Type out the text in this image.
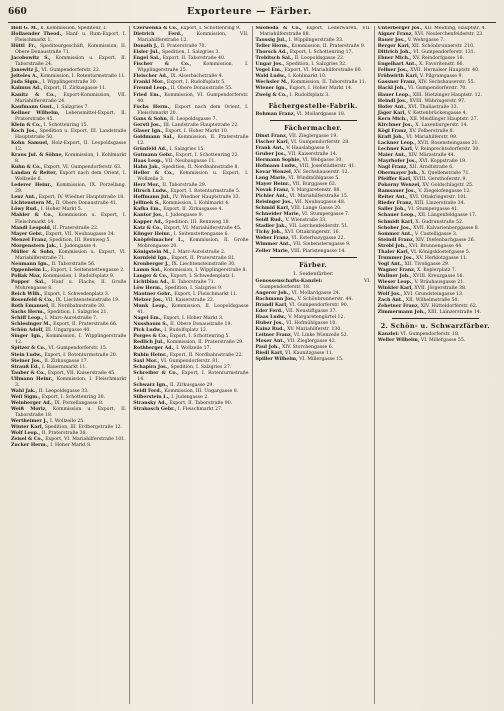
660	Exporteure — Färber.

Holl G. M., k. Kommission, Spediteur, I.

Hollaender Theod., Hanf- u. Rum-Export, I. Fleischmarkt 1.

Hüttl Fr., Spediteurgeschäft, Kommission, II. Obere Donaustraße 71.

Jacobowitz S., Kommission u. Export, II. Taborstraße 24.

Janowitz J., VI. Gumpendorferstr. 22.

Jeiteles A., Kommission, I. Rotenturmstraße 11.

Juda Sigm., I. Wipplingerstraße 30.

Kalmus Ad., Export, II. Zirkusgasse 11.

Kanitz & Co., Export-Kommission, VII. Mariahilferstraße 24.

Kaufmann Gust., I. Salzgries 7.

Kellner Wilhelm, Lebensmittel-Export, II. Praterstraße 45.

Klein & Co., I. Schottenring 15.

Koch Jos., Spedition u. Export, III. Landstraße Hauptstraße 50.

Kohn Samuel, Holz-Export, II. Leopoldsgasse 12.

Kraus Jul. & Söhne, Kommission, I. Kohlmarkt 8.

Kuhn & Co., Export, VI. Gumpendorferstr. 63.

Landau & Reiter, Export nach dem Orient, I. Wollzeile 6.

Lederer Heinr., Kommission, IX. Porzellang. 29.

Lenz Ant., Export, IV. Wiedner Hauptstraße 18.

Lichtenstern M., II. Obere Donaustraße 41.

Löwy Rud., I. Hoher Markt 5.

Mahler & Co., Kommission u. Export, I. Fleischmarkt 14.

Mandl Leopold, II. Praterstraße 22.

Mayer Gebr., Export, VII. Neubaugasse 34.

Menzel Franz, Spedition, III. Rennweg 5.

Morgenstern Jak., I. Judengasse 4.

Müller & Sohn, Kommission u. Export, VI. Mariahilferstraße 71.

Neumann Ign., II. Taborstraße 56.

Oppenheim L., Export, I. Seitenstettengasse 2.

Pollak Max, Kommission, I. Rudolfsplatz 9.

Popper Sal., Hanf u. Flachs, II. Große Mohrengasse 8.

Reich Wilh., Export, I. Schwedenplatz 3.

Rosenfeld & Co., IX. Liechtensteinstraße 19.

Roth Emanuel, II. Nordbahnstraße 30.

Sachs Herm., Spedition, I. Salzgries 21.

Schiff Leop., I. Marc-Aurelstraße 7.

Schlesinger M., Export, II. Praterstraße 66.

Schön Adolf, III. Ungargasse 40.

Singer Ign., Kommission, I. Wipplingerstraße 12.

Spitzer & Co., VI. Gumpendorferstr. 15.

Stein Ludw., Export, I. Rotenturmstraße 20.

Steiner Jos., II. Zirkusgasse 17.

Strauß Ed., I. Bauernmarkt 11.

Tauber & Co., Export, VII. Kaiserstraße 45.

Ullmann Heinr., Kommission, I. Fleischmarkt 3.

Wahl Jak., II. Leopoldsgasse 33.

Weil Sigm., Export, I. Schottenring 30.

Weinberger Ad., IX. Porzellangasse 8.

Weiß Moriz, Kommission u. Export, II. Taborstraße 18.

Wertheimer J., I. Wollzeile 25.

Winter Karl, Spedition, III. Erdbergstraße 12.

Wolf Leop., II. Praterstraße 38.

Zeisel & Co., Export, VI. Mariahilferstraße 101.

Zucker Herm., I. Hoher Markt 8.

Czerwenka & Co., Export, I. Schottenring 9.

Dietrich Ferd.,	Kommission, VII. Mariahilferstraße 12.

Donath J., II. Praterstraße 70.

Eisler Jul., Spedition, I. Salzgries 3.

Engel Sal., Export, II. Taborstraße 40.

Fischer & Co.,	Kommission, I. Wipplingerstraße 25.

Fleischer Ad., IX. Alserbachstraße 4.

Frankl Mor., Export, I. Rudolfsplatz 5.

Freund Leop., II. Obere Donaustraße 55.

Fried Em., Kommission, VI. Gumpendorferstr. 40.

Fuchs Herm., Export nach dem Orient, I. Fleischmarkt 20.

Gans & Sohn, II. Leopoldsgasse 7.

Gerstl Jos., III. Landstraße Hauptstraße 22.

Glaser Ign., Export, I. Hoher Markt 10.

Goldmann Sal., Kommission, II. Praterstraße 12.

Grünfeld Ad., I. Salzgries 15.

Gutmann Gebr., Export, I. Schottenring 22.

Haas Leop., VII. Neubaugasse 11.

Hahn Jak., Spedition, II. Nordbahnstraße 8.

Heller & Co., Kommission u. Export, I. Wollzeile 3.

Herz Mor., II. Taborstraße 29.

Hirsch Ludw., Export, I. Rotenturmstraße 5.

Hoffmann Jul., IV. Wiedner Hauptstraße 33.

Jellinek S., Kommission, I. Kohlmarkt 4.

Kafka Em., Export, II. Zirkusgasse 4.

Kantor Jos., I. Judengasse 9.

Kapper Ad., Spedition, III. Rennweg 18.

Katz & Co., Export, VI. Mariahilferstraße 45.

Klinger Heinr., I. Seitenstettengasse 6.

Knöpfelmacher L., Kommission, II. Große Mohrengasse 20.

Königstein M., I. Marc-Aurelstraße 2.

Kornfeld Ign., Export, II. Praterstraße 81.

Kronberger J., IX. Liechtensteinstraße 30.

Lamm Sal., Kommission, I. Wipplingerstraße 8.

Langer & Co., Export, I. Schwedenplatz 1.

Lichtblau Ad., II. Taborstraße 71.

Löw Herm., Spedition, I. Salzgries 9.

Mautner Gebr., Export, I. Fleischmarkt 11.

Melzer Jos., VII. Kaiserstraße 22.

Munk Leop., Kommission, II. Leopoldsgasse 41.

Nagel Em., Export, I. Hoher Markt 3.

Nussbaum S., II. Obere Donaustraße 19.

Pick Ludw., I. Rudolfsplatz 12.

Porges & Co., Export, I. Schottenring 5.

Redlich Jul., Kommission, II. Praterstraße 29.

Rothberger Ad., I. Wollzeile 17.

Rubin Heinr., Export, II. Nordbahnstraße 22.

Saxl Mor., VI. Gumpendorferstr. 81.

Schapira Jos., Spedition, I. Salzgries 27.

Schreiber & Co., Export, I. Rotenturmstraße 14.

Schwarz Ign., II. Zirkusgasse 29.

Seidl Ferd., Kommission, III. Ungargasse 8.

Silberstein L., I. Judengasse 2.

Stransky Ad., Export, II. Taborstraße 90.

Strakosch Gebr., I. Fleischmarkt 27.

Swoboda & Co., Export, Lederwaren, VII. Mariahilferstraße 88.

Taussig Jul., I. Wipplingerstraße 33.

Teller Herm., Kommission, II. Praterstraße 9.

Thorsch Ad., Export, I. Schottenring 17.

Trebitsch Sal., II. Leopoldsgasse 22.

Ungar Jos., Spedition, I. Salzgries 32.

Vogel Em., Export, VI. Mariahilferstraße 60.

Wald Ludw., I. Kohlmarkt 10.

Wechsler M., Kommission, II. Taborstraße 11.

Wiener Ign., Export, I. Hoher Markt 14.

Zweig & Co., I. Rudolfsplatz 3.

Fächergestelle-Fabrik.

Bohman Franz, VI. Mollardgasse 18.

Fächermacher.

Dinst Franz, VII. Zieglergasse 19.

Fischer Karl, VI. Gumpendorferstr. 28.

Frank Ant., V. Hauslabgasse 9.

Gruber Jos., VII. Kaiserstraße 14.

Hermann Sophie, VI. Webgasse 30.

Hofmann Ludw., VIII. Josefstädterstr. 41.

Kovar Wenzel, XV. Sechshauserstr. 12.

Lang Marie, VI. Windmühlgasse 5.

Mayer Heinr., VII. Burggasse 63.

Novak Franz, V. Margaretenstr. 88.

Pichler Ant., VI. Mariahilferstraße 15.

Reisinger Jos., VII. Neubaugasse 48.

Schmid Karl, VIII. Lange Gasse 20.

Schneider Marie, VI. Stumpergasse 7.

Seidl Rud., V. Wienstraße 33.

Stadler Jak., VII. Lerchenfelderstr. 51.

Tichy Joh., XVI. Ottakringerstr. 16.

Weber Franz, VI. Esterhazygasse 22.

Wimmer Ant., VII. Siebensterngasse 9.

Zeller Marie, VIII. Piaristengasse 14.

Färber.
1. Seidenfärber.

Genossenschafts-Kanzlei:	VI. Gumpendorferstr. 18.

Angerer Joh., VI. Mollardgasse 24.

Bachmann Jos., V. Schönbrunnerstr. 44.

Brandl Karl, VI. Gumpendorferstr. 90.

Eder Ferd., VII. Neustiftgasse 37.

Haas Ludw., V. Margaretengürtel 12.

Huber Jos., VI. Hofmühlgasse 10.

Kainz Rud., XV. Mariahilferstr. 130.

Leitner Franz, VI. Linke Wienzeile 52.

Moser Ant., VII. Zieglergasse 42.

Paul Joh., XIV. Storchengasse 6.

Riedl Karl, VI. Kaunitzgasse 11.

Spiller Wilhelm, VI. Millergasse 15.

Unterberger Jos., XII. Meidling, Hauptstr. 4.

Aigner Franz, XVI. Neulerchenfelderstr. 23.

Bauer Jos., V. Wehrgasse 7.

Berger Karl, XII. Schönbrunnerstr. 210.

Dittrich Joh., VI. Gumpendorferstr. 131.

Ebner Mich., XV. Reindorfgasse 18.

Engelhart Ant., X. Favoritenstr. 66.

Fellner Jos., XVII. Hernalser Hauptstr. 40.

Frühwirth Karl, V. Pilgramgasse 9.

Gassner Franz, XIV. Sechshauserstr. 55.

Hackl Joh., VI. Gumpendorferstr. 70.

Hauer Leop., XIII. Hietzinger Hauptstr. 12.

Heindl Jos., XVIII. Währingerstr. 97.

Hofer Ant., XVI. Thaliastraße 33.

Jäger Karl, V. Kettenbrückengasse 4.

Kern Mich., XII. Meidlinger Hauptstr. 27.

Kirchner Jos., X. Laxenburgerstr. 14.

Kögl Franz, XV. Felberstraße 8.

Kraft Joh., VI. Mariahilferstr. 99.

Lackner Leop., XVII. Rosensteingasse 21.

Lechner Karl, V. Reinprechtsdorferstr. 30.

Maier Ant., XIV. Märzstraße 44.

Mayrhofer Jos., XVI. Koppstraße 19.

Nagl Franz, XII. Arndtstraße 6.

Obermayer Joh., X. Quellenstraße 71.

Pfeiffer Karl, XVIII. Gersthoferstr. 9.

Pokorny Wenzel, XV. Goldschlagstr. 25.

Ramsauer Jos., V. Ziegelofengasse 12.

Reiter Ant., XVI. Ottakringerstr. 101.

Rieder Franz, XIII. Linzerstraße 34.

Sailer Joh., VI. Stumpergasse 41.

Schauer Leop., XII. Längenfeldgasse 17.

Schmidt Karl, X. Gudrunstraße 52.

Schober Jos., XVII. Kalvarienberggasse 8.

Sommer Ant., V. Castelligasse 3.

Steindl Franz, XIV. Diefenbachgasse 26.

Strobl Joh., XVI. Brunnengasse 44.

Thaler Karl, VI. Königsklostergasse 5.

Trummer Jos., XV. Herklotzgasse 11.

Vogl Ant., XII. Tivoligasse 29.

Wagner Franz, X. Keplerplatz 7.

Wallner Joh., XVIII. Kreuzgasse 16.

Wieser Leop., V. Bräuhausgasse 21.

Winkler Karl, XVII. Jörgerstraße 38.

Wolf Jos., XVI. Grundsteingasse 13.

Zach Ant., XII. Wilhelmstraße 50.

Zehetner Franz, XIV. Hütteldorferstr. 62.

Zimmermann Joh., XIII. Lainzerstraße 14.

2. Schön- u. Schwarzfärber.

Kanzlei: VI. Gumpendorferstr. 18.

Weller Wilhelm, VI. Millergasse 55.
